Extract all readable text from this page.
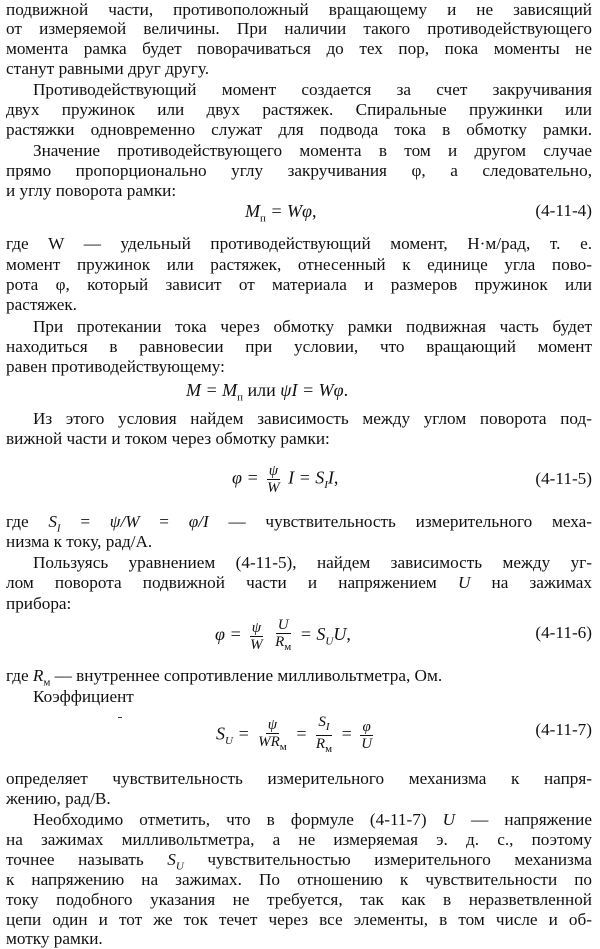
подвижной части, противоположный вращающему и не зависящий
от измеряемой величины. При наличии такого противодействующего
момента рамка будет поворачиваться до тех пор, пока моменты не
станут равными друг другу.
Противодействующий момент создается за счет закручивания
двух пружинок или двух растяжек. Спиральные пружинки или
растяжки одновременно служат для подвода тока в обмотку рамки.
Значение противодействующего момента в том и другом случае
прямо пропорционально углу закручивания φ, а следовательно,
и углу поворота рамки:
$M_п = W\varphi$,	(4-11-4)
где W — удельный противодействующий момент, Н·м/рад, т. е.
момент пружинок или растяжек, отнесенный к единице угла пово-
рота φ, который зависит от материала и размеров пружинок или
растяжек.
При протекании тока через обмотку рамки подвижная часть будет
находиться в равновесии при условии, что вращающий момент
равен противодействующему:
$M = M_п$ или ψI = Wφ.
Из этого условия найдем зависимость между углом поворота под-
вижной части и током через обмотку рамки:
$\varphi = \frac{\psi}{W}$ $I = S_II$,	(4-11-5)
где $S_I = \psi/W = \varphi/I$ — чувствительность измерительного меха-
низма к току, рад/А.
Пользуясь уравнением (4-11-5), найдем зависимость между уг-
лом поворота подвижной части и напряжением U на зажимах
прибора:
$\varphi = \frac{\psi}{W}$
$\frac{U}{R_м} = S_UU$,	(4-11-6)
где $R_м$ — внутреннее сопротивление милливольтметра, Ом.
Коэффициент
$S_U = \frac{\psi}{WR_м} = \frac{S_I}{R_м} = \frac{\varphi}{U}$	(4-11-7)
определяет чувствительность измерительного механизма к напря-
жению, рад/В.
Необходимо отметить, что в формуле (4-11-7) U — напряжение
на зажимах милливольтметра, а не измеряемая э. д. с., поэтому
точнее называть $S_U$ чувствительностью измерительного механизма
к напряжению на зажимах. По отношению к чувствительности по
току подобного указания не требуется, так как в неразветвленной
цепи один и тот же ток течет через все элементы, в том числе и об-
мотку рамки.
